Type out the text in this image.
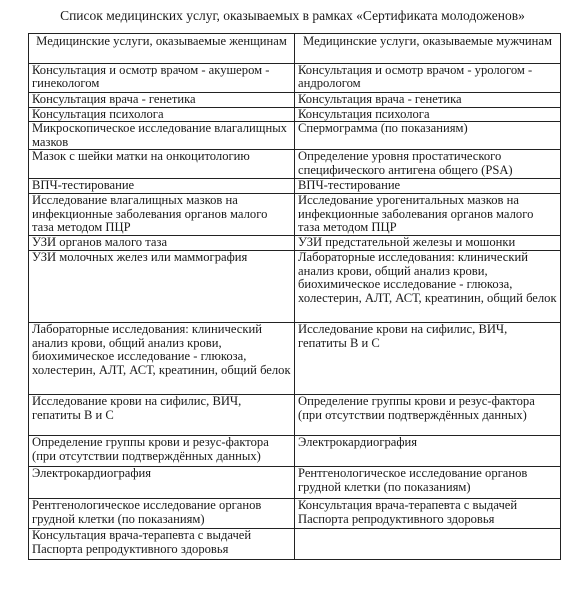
Список медицинских услуг, оказываемых в рамках «Сертификата молодоженов»
Медицинские услуги, оказываемые женщинам	Медицинские услуги, оказываемые мужчинам
Консультация и осмотр врачом - акушером - гинекологом	Консультация и осмотр врачом - урологом - андрологом
Консультация врача - генетика	Консультация врача - генетика
Консультация психолога	Консультация психолога
Микроскопическое исследование влагалищных мазков	Спермограмма (по показаниям)
Мазок с шейки матки на онкоцитологию	Определение уровня простатического специфического антигена общего (PSA)
ВПЧ-тестирование	ВПЧ-тестирование
Исследование влагалищных мазков на инфекционные заболевания органов малого таза методом ПЦР	Исследование урогенитальных мазков на инфекционные заболевания органов малого таза методом ПЦР
УЗИ органов малого таза	УЗИ предстательной железы и мошонки
УЗИ молочных желез или маммография	Лабораторные исследования: клинический анализ крови, общий анализ крови, биохимическое исследование - глюкоза, холестерин, АЛТ, АСТ, креатинин, общий белок
Лабораторные исследования: клинический анализ крови, общий анализ крови, биохимическое исследование - глюкоза, холестерин, АЛТ, АСТ, креатинин, общий белок	Исследование крови на сифилис, ВИЧ, гепатиты В и С
Исследование крови на сифилис, ВИЧ, гепатиты В и С	Определение группы крови и резус-фактора (при отсутствии подтверждённых данных)
Определение группы крови и резус-фактора (при отсутствии подтверждённых данных)	Электрокардиография
Электрокардиография	Рентгенологическое исследование органов грудной клетки (по показаниям)
Рентгенологическое исследование органов грудной клетки (по показаниям)	Консультация врача-терапевта с выдачей Паспорта репродуктивного здоровья
Консультация врача-терапевта с выдачей Паспорта репродуктивного здоровья	
